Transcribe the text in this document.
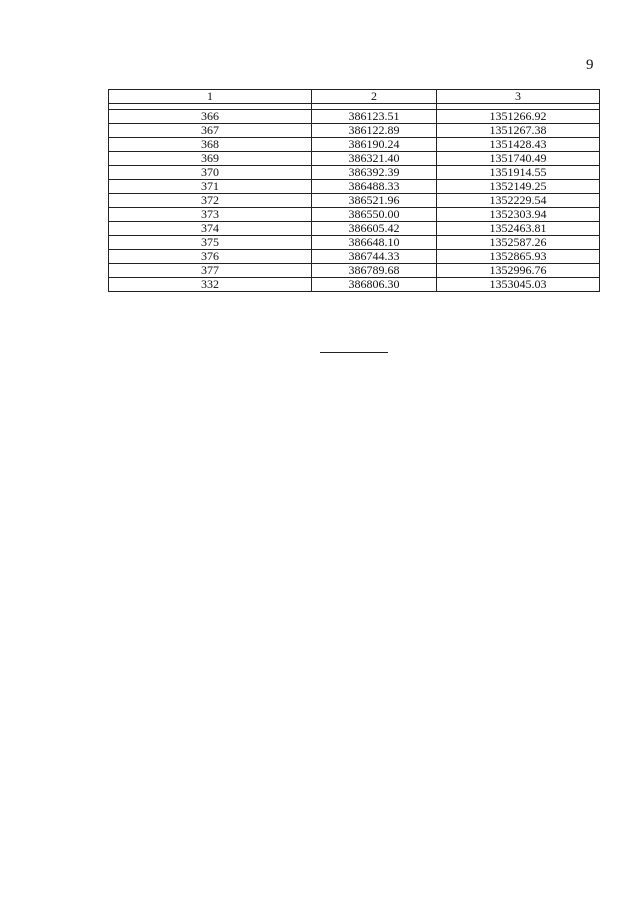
9
1	2	3

366	386123.51	1351266.92
367	386122.89	1351267.38
368	386190.24	1351428.43
369	386321.40	1351740.49
370	386392.39	1351914.55
371	386488.33	1352149.25
372	386521.96	1352229.54
373	386550.00	1352303.94
374	386605.42	1352463.81
375	386648.10	1352587.26
376	386744.33	1352865.93
377	386789.68	1352996.76
332	386806.30	1353045.03
